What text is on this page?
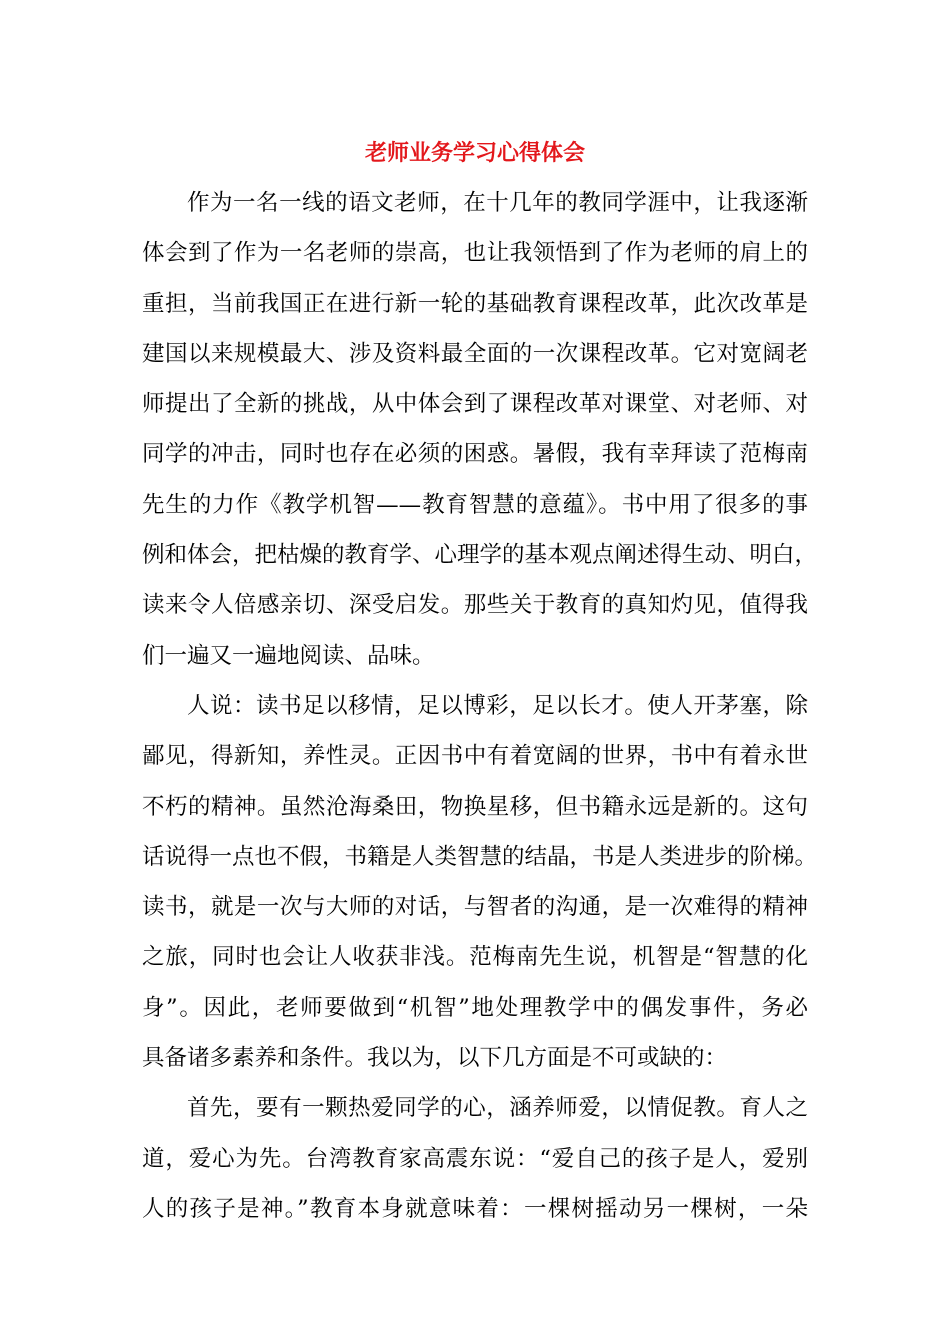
老师业务学习心得体会
作为一名一线的语文老师，在十几年的教同学涯中，让我逐渐
体会到了作为一名老师的崇高，也让我领悟到了作为老师的肩上的
重担，当前我国正在进行新一轮的基础教育课程改革，此次改革是
建国以来规模最大、涉及资料最全面的一次课程改革。它对宽阔老
师提出了全新的挑战，从中体会到了课程改革对课堂、对老师、对
同学的冲击，同时也存在必须的困惑。暑假，我有幸拜读了范梅南
先生的力作《教学机智——教育智慧的意蕴》。书中用了很多的事
例和体会，把枯燥的教育学、心理学的基本观点阐述得生动、明白，
读来令人倍感亲切、深受启发。那些关于教育的真知灼见，值得我
们一遍又一遍地阅读、品味。
人说：读书足以移情，足以博彩，足以长才。使人开茅塞，除
鄙见，得新知，养性灵。正因书中有着宽阔的世界，书中有着永世
不朽的精神。虽然沧海桑田，物换星移，但书籍永远是新的。这句
话说得一点也不假，书籍是人类智慧的结晶，书是人类进步的阶梯。
读书，就是一次与大师的对话，与智者的沟通，是一次难得的精神
之旅，同时也会让人收获非浅。范梅南先生说，机智是“智慧的化
身”。因此，老师要做到“机智”地处理教学中的偶发事件，务必
具备诸多素养和条件。我以为，以下几方面是不可或缺的：
首先，要有一颗热爱同学的心，涵养师爱，以情促教。育人之
道，爱心为先。台湾教育家高震东说：“爱自己的孩子是人，爱别
人的孩子是神。”教育本身就意味着：一棵树摇动另一棵树，一朵
